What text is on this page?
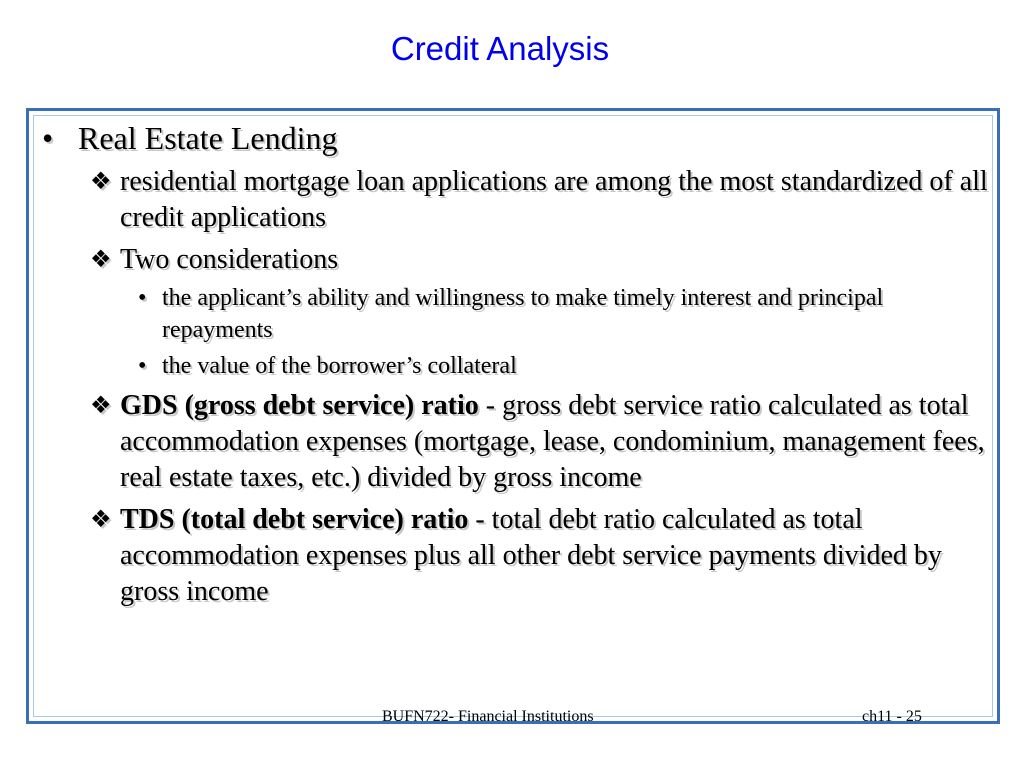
Credit Analysis
• Real Estate Lending
❖ residential mortgage loan applications are among the most standardized of all credit applications
❖ Two considerations
• the applicant’s ability and willingness to make timely interest and principal repayments
• the value of the borrower’s collateral
❖ GDS (gross debt service) ratio - gross debt service ratio calculated as total accommodation expenses (mortgage, lease, condominium, management fees, real estate taxes, etc.) divided by gross income
❖ TDS (total debt service) ratio - total debt ratio calculated as total accommodation expenses plus all other debt service payments divided by gross income
BUFN722- Financial Institutions	ch11 - 25
